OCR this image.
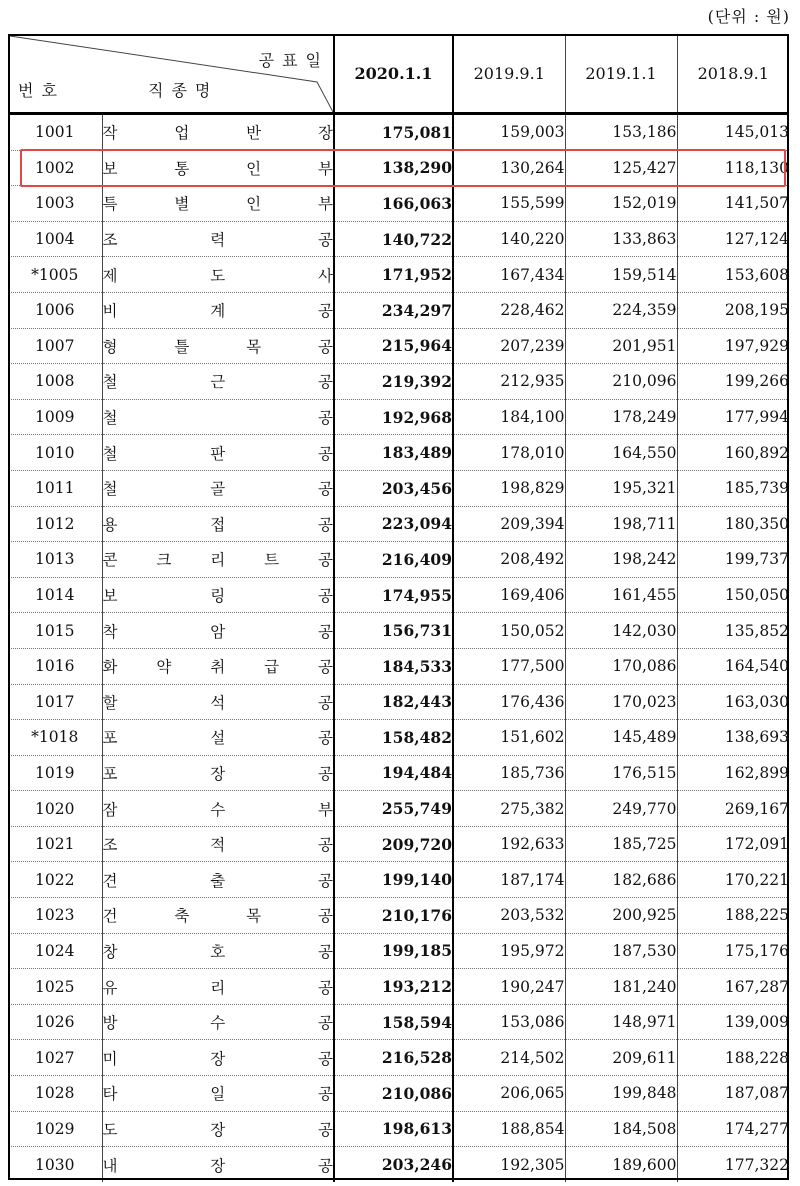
(단위 : 원)
공표일
번호 직종명		2020.1.1	2019.9.1	2019.1.1	2018.9.1
1001	작 업 반 장	175,081	159,003	153,186	145,013
1002	보 통 인 부	138,290	130,264	125,427	118,130
1003	특 별 인 부	166,063	155,599	152,019	141,507
1004	조 력 공	140,722	140,220	133,863	127,124
*1005	제 도 사	171,952	167,434	159,514	153,608
1006	비 계 공	234,297	228,462	224,359	208,195
1007	형 틀 목 공	215,964	207,239	201,951	197,929
1008	철 근 공	219,392	212,935	210,096	199,266
1009	철 공	192,968	184,100	178,249	177,994
1010	철 판 공	183,489	178,010	164,550	160,892
1011	철 골 공	203,456	198,829	195,321	185,739
1012	용 접 공	223,094	209,394	198,711	180,350
1013	콘 크 리 트 공	216,409	208,492	198,242	199,737
1014	보 링 공	174,955	169,406	161,455	150,050
1015	착 암 공	156,731	150,052	142,030	135,852
1016	화 약 취 급 공	184,533	177,500	170,086	164,540
1017	할 석 공	182,443	176,436	170,023	163,030
*1018	포 설 공	158,482	151,602	145,489	138,693
1019	포 장 공	194,484	185,736	176,515	162,899
1020	잠 수 부	255,749	275,382	249,770	269,167
1021	조 적 공	209,720	192,633	185,725	172,091
1022	견 출 공	199,140	187,174	182,686	170,221
1023	건 축 목 공	210,176	203,532	200,925	188,225
1024	창 호 공	199,185	195,972	187,530	175,176
1025	유 리 공	193,212	190,247	181,240	167,287
1026	방 수 공	158,594	153,086	148,971	139,009
1027	미 장 공	216,528	214,502	209,611	188,228
1028	타 일 공	210,086	206,065	199,848	187,087
1029	도 장 공	198,613	188,854	184,508	174,277
1030	내 장 공	203,246	192,305	189,600	177,322
